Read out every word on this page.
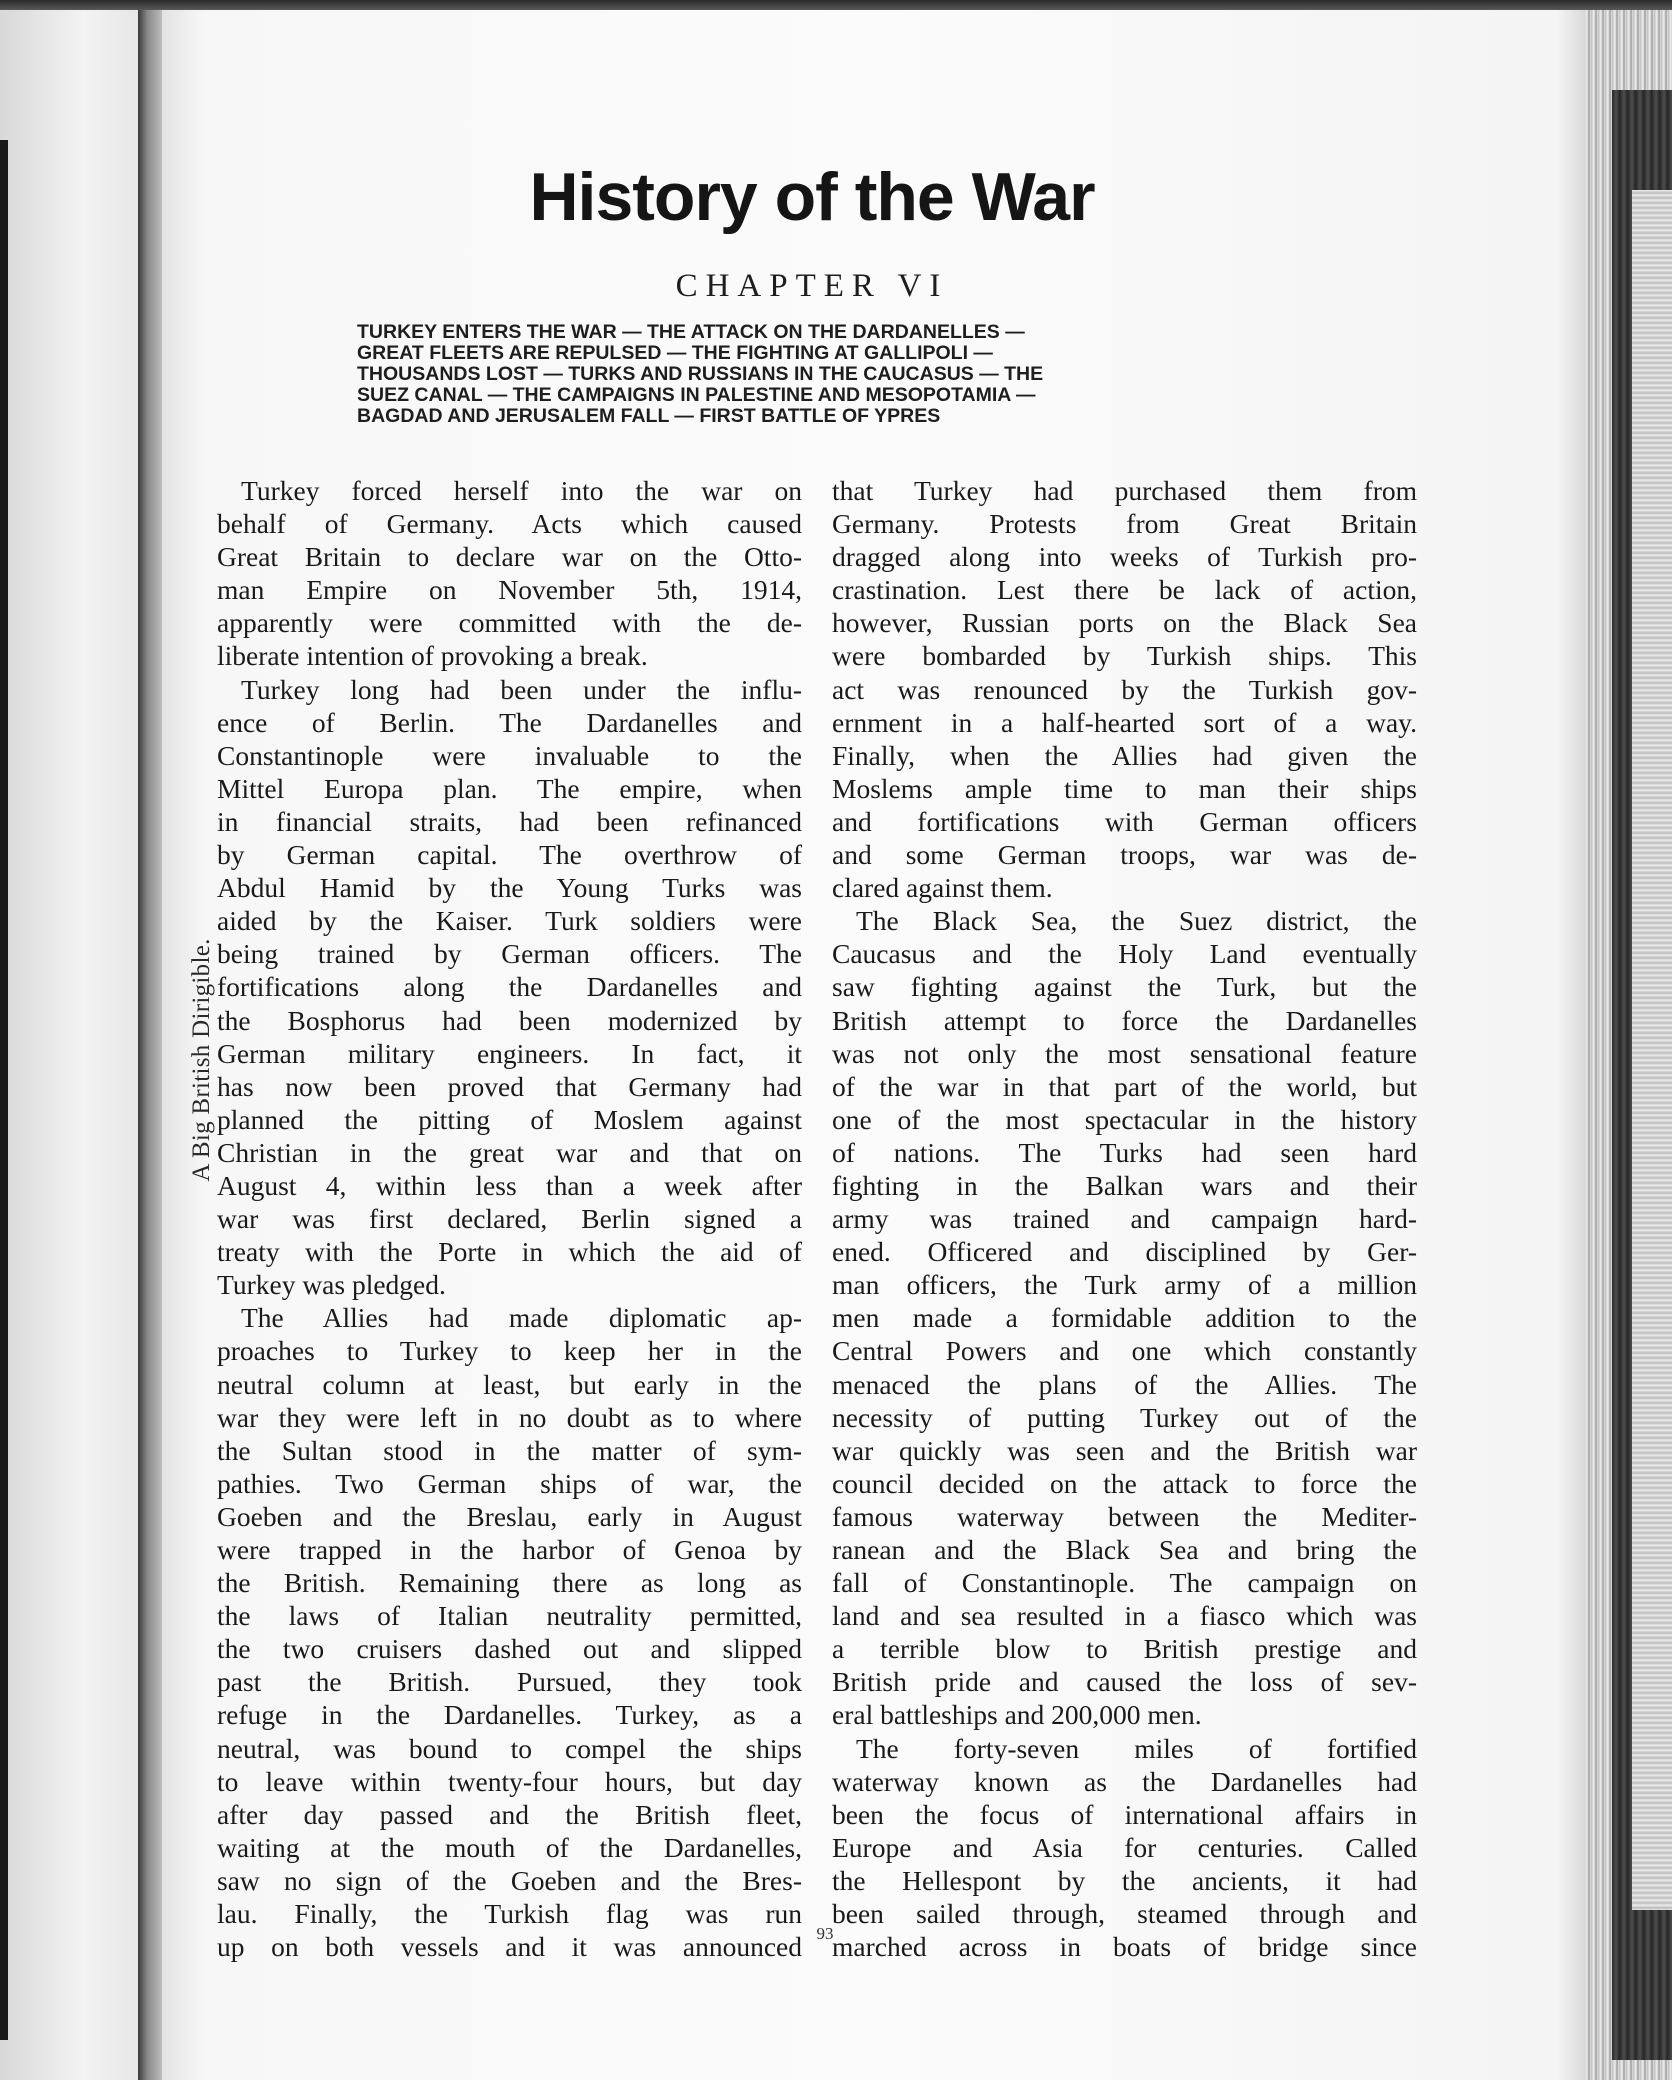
A Big British Dirigible.
History of the War
CHAPTER VI
TURKEY ENTERS THE WAR — THE ATTACK ON THE DARDANELLES —
GREAT FLEETS ARE REPULSED — THE FIGHTING AT GALLIPOLI —
THOUSANDS LOST — TURKS AND RUSSIANS IN THE CAUCASUS — THE
SUEZ CANAL — THE CAMPAIGNS IN PALESTINE AND MESOPOTAMIA —
BAGDAD AND JERUSALEM FALL — FIRST BATTLE OF YPRES
Turkey forced herself into the war on
behalf of Germany. Acts which caused
Great Britain to declare war on the Otto-
man Empire on November 5th, 1914,
apparently were committed with the de-
liberate intention of provoking a break.
Turkey long had been under the influ-
ence of Berlin. The Dardanelles and
Constantinople were invaluable to the
Mittel Europa plan. The empire, when
in financial straits, had been refinanced
by German capital. The overthrow of
Abdul Hamid by the Young Turks was
aided by the Kaiser. Turk soldiers were
being trained by German officers. The
fortifications along the Dardanelles and
the Bosphorus had been modernized by
German military engineers. In fact, it
has now been proved that Germany had
planned the pitting of Moslem against
Christian in the great war and that on
August 4, within less than a week after
war was first declared, Berlin signed a
treaty with the Porte in which the aid of
Turkey was pledged.
The Allies had made diplomatic ap-
proaches to Turkey to keep her in the
neutral column at least, but early in the
war they were left in no doubt as to where
the Sultan stood in the matter of sym-
pathies. Two German ships of war, the
Goeben and the Breslau, early in August
were trapped in the harbor of Genoa by
the British. Remaining there as long as
the laws of Italian neutrality permitted,
the two cruisers dashed out and slipped
past the British. Pursued, they took
refuge in the Dardanelles. Turkey, as a
neutral, was bound to compel the ships
to leave within twenty-four hours, but day
after day passed and the British fleet,
waiting at the mouth of the Dardanelles,
saw no sign of the Goeben and the Bres-
lau. Finally, the Turkish flag was run
up on both vessels and it was announced
that Turkey had purchased them from
Germany. Protests from Great Britain
dragged along into weeks of Turkish pro-
crastination. Lest there be lack of action,
however, Russian ports on the Black Sea
were bombarded by Turkish ships. This
act was renounced by the Turkish gov-
ernment in a half-hearted sort of a way.
Finally, when the Allies had given the
Moslems ample time to man their ships
and fortifications with German officers
and some German troops, war was de-
clared against them.
The Black Sea, the Suez district, the
Caucasus and the Holy Land eventually
saw fighting against the Turk, but the
British attempt to force the Dardanelles
was not only the most sensational feature
of the war in that part of the world, but
one of the most spectacular in the history
of nations. The Turks had seen hard
fighting in the Balkan wars and their
army was trained and campaign hard-
ened. Officered and disciplined by Ger-
man officers, the Turk army of a million
men made a formidable addition to the
Central Powers and one which constantly
menaced the plans of the Allies. The
necessity of putting Turkey out of the
war quickly was seen and the British war
council decided on the attack to force the
famous waterway between the Mediter-
ranean and the Black Sea and bring the
fall of Constantinople. The campaign on
land and sea resulted in a fiasco which was
a terrible blow to British prestige and
British pride and caused the loss of sev-
eral battleships and 200,000 men.
The forty-seven miles of fortified
waterway known as the Dardanelles had
been the focus of international affairs in
Europe and Asia for centuries. Called
the Hellespont by the ancients, it had
been sailed through, steamed through and
marched across in boats of bridge since
93
